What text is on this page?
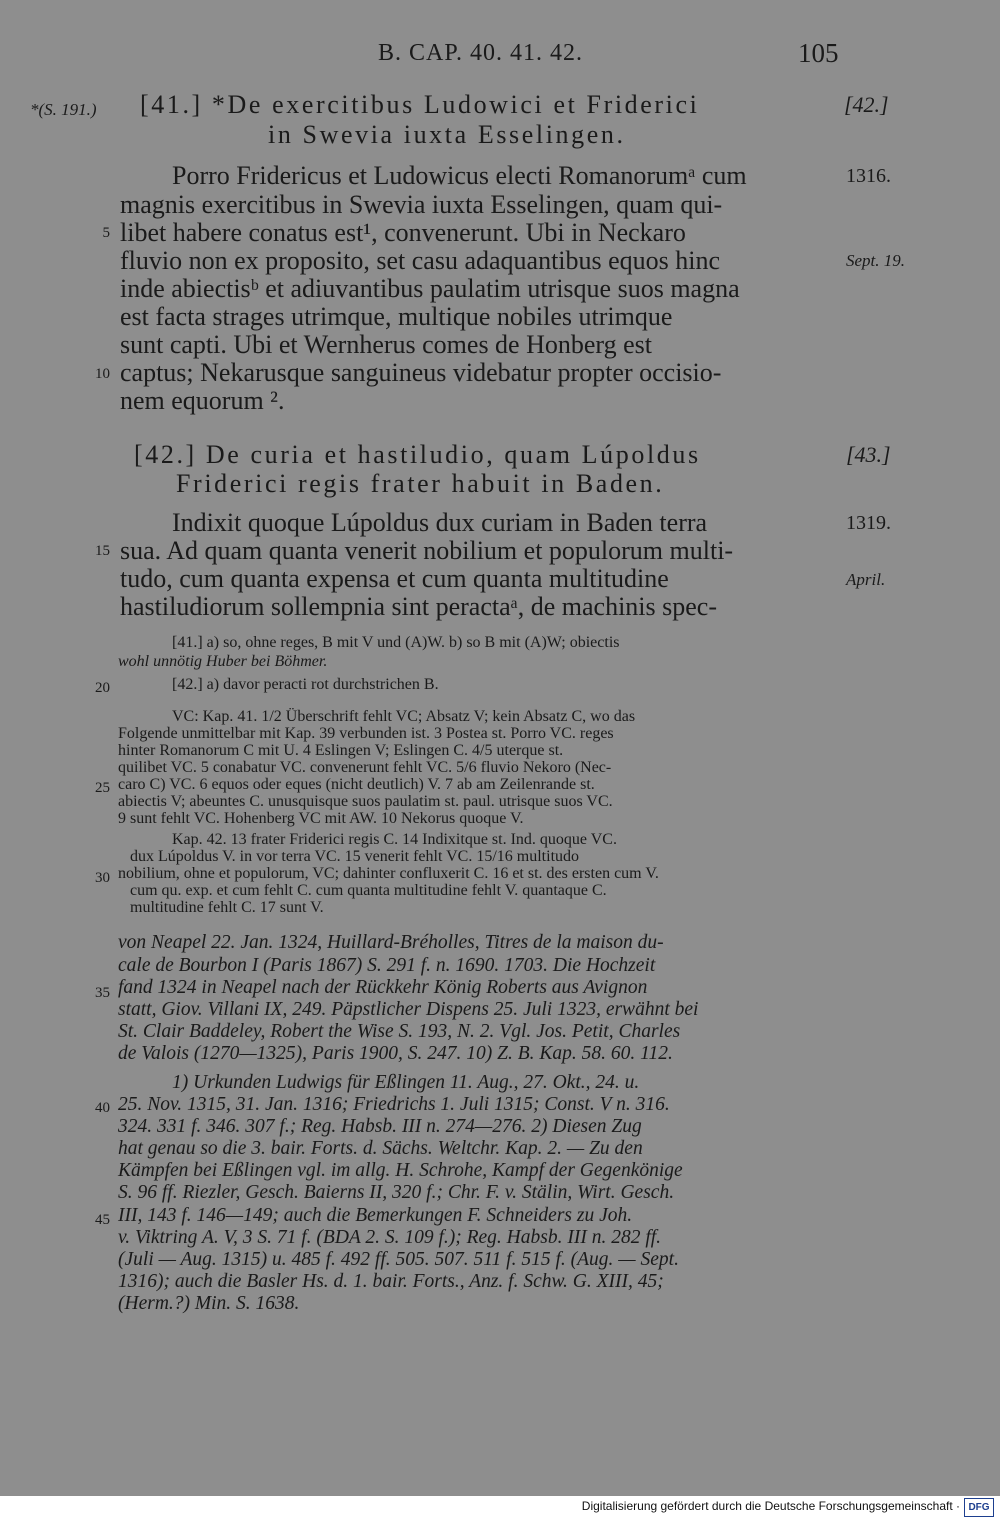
B. CAP. 40. 41. 42.	105
*(S. 191.)	[42.]
1316.
Sept. 19.
[43.]
1319.
April.
5
10
15
20
25
30
35
40
45
[41.] *De exercitibus Ludowici et Friderici
in Swevia iuxta Esselingen.
Porro Fridericus et Ludowicus electi Romanorumᵃ cum
magnis exercitibus in Swevia iuxta Esselingen, quam qui-
libet habere conatus est¹, convenerunt. Ubi in Neckaro
fluvio non ex proposito, set casu adaquantibus equos hinc
inde abiectisᵇ et adiuvantibus paulatim utrisque suos magna
est facta strages utrimque, multique nobiles utrimque
sunt capti. Ubi et Wernherus comes de Honberg est
captus; Nekarusque sanguineus videbatur propter occisio-
nem equorum ².
[42.] De curia et hastiludio, quam Lúpoldus
Friderici regis frater habuit in Baden.
Indixit quoque Lúpoldus dux curiam in Baden terra
sua. Ad quam quanta venerit nobilium et populorum multi-
tudo, cum quanta expensa et cum quanta multitudine
hastiludiorum sollempnia sint peractaᵃ, de machinis spec-
[41.] a) so, ohne reges, B mit V und (A)W. b) so B mit (A)W; obiectis
wohl unnötig Huber bei Böhmer.
[42.] a) davor peracti rot durchstrichen B.
VC: Kap. 41. 1/2 Überschrift fehlt VC; Absatz V; kein Absatz C, wo das
Folgende unmittelbar mit Kap. 39 verbunden ist. 3 Postea st. Porro VC. reges
hinter Romanorum C mit U. 4 Eslingen V; Eslingen C. 4/5 uterque st.
quilibet VC. 5 conabatur VC. convenerunt fehlt VC. 5/6 fluvio Nekoro (Nec-
caro C) VC. 6 equos oder eques (nicht deutlich) V. 7 ab am Zeilenrande st.
abiectis V; abeuntes C. unusquisque suos paulatim st. paul. utrisque suos VC.
9 sunt fehlt VC. Hohenberg VC mit AW. 10 Nekorus quoque V.
Kap. 42. 13 frater Friderici regis C. 14 Indixitque st. Ind. quoque VC.
dux Lúpoldus V. in vor terra VC. 15 venerit fehlt VC. 15/16 multitudo
nobilium, ohne et populorum, VC; dahinter confluxerit C. 16 et st. des ersten cum V.
cum qu. exp. et cum fehlt C. cum quanta multitudine fehlt V. quantaque C.
multitudine fehlt C. 17 sunt V.
von Neapel 22. Jan. 1324, Huillard-Bréholles, Titres de la maison du-
cale de Bourbon I (Paris 1867) S. 291 f. n. 1690. 1703. Die Hochzeit
fand 1324 in Neapel nach der Rückkehr König Roberts aus Avignon
statt, Giov. Villani IX, 249. Päpstlicher Dispens 25. Juli 1323, erwähnt bei
St. Clair Baddeley, Robert the Wise S. 193, N. 2. Vgl. Jos. Petit, Charles
de Valois (1270—1325), Paris 1900, S. 247. 10) Z. B. Kap. 58. 60. 112.
1) Urkunden Ludwigs für Eßlingen 11. Aug., 27. Okt., 24. u.
25. Nov. 1315, 31. Jan. 1316; Friedrichs 1. Juli 1315; Const. V n. 316.
324. 331 f. 346. 307 f.; Reg. Habsb. III n. 274—276. 2) Diesen Zug
hat genau so die 3. bair. Forts. d. Sächs. Weltchr. Kap. 2. — Zu den
Kämpfen bei Eßlingen vgl. im allg. H. Schrohe, Kampf der Gegenkönige
S. 96 ff. Riezler, Gesch. Baierns II, 320 f.; Chr. F. v. Stälin, Wirt. Gesch.
III, 143 f. 146—149; auch die Bemerkungen F. Schneiders zu Joh.
v. Viktring A. V, 3 S. 71 f. (BDA 2. S. 109 f.); Reg. Habsb. III n. 282 ff.
(Juli — Aug. 1315) u. 485 f. 492 ff. 505. 507. 511 f. 515 f. (Aug. — Sept.
1316); auch die Basler Hs. d. 1. bair. Forts., Anz. f. Schw. G. XIII, 45;
(Herm.?) Min. S. 1638.
Digitalisierung gefördert durch die Deutsche Forschungsgemeinschaft · DFG
